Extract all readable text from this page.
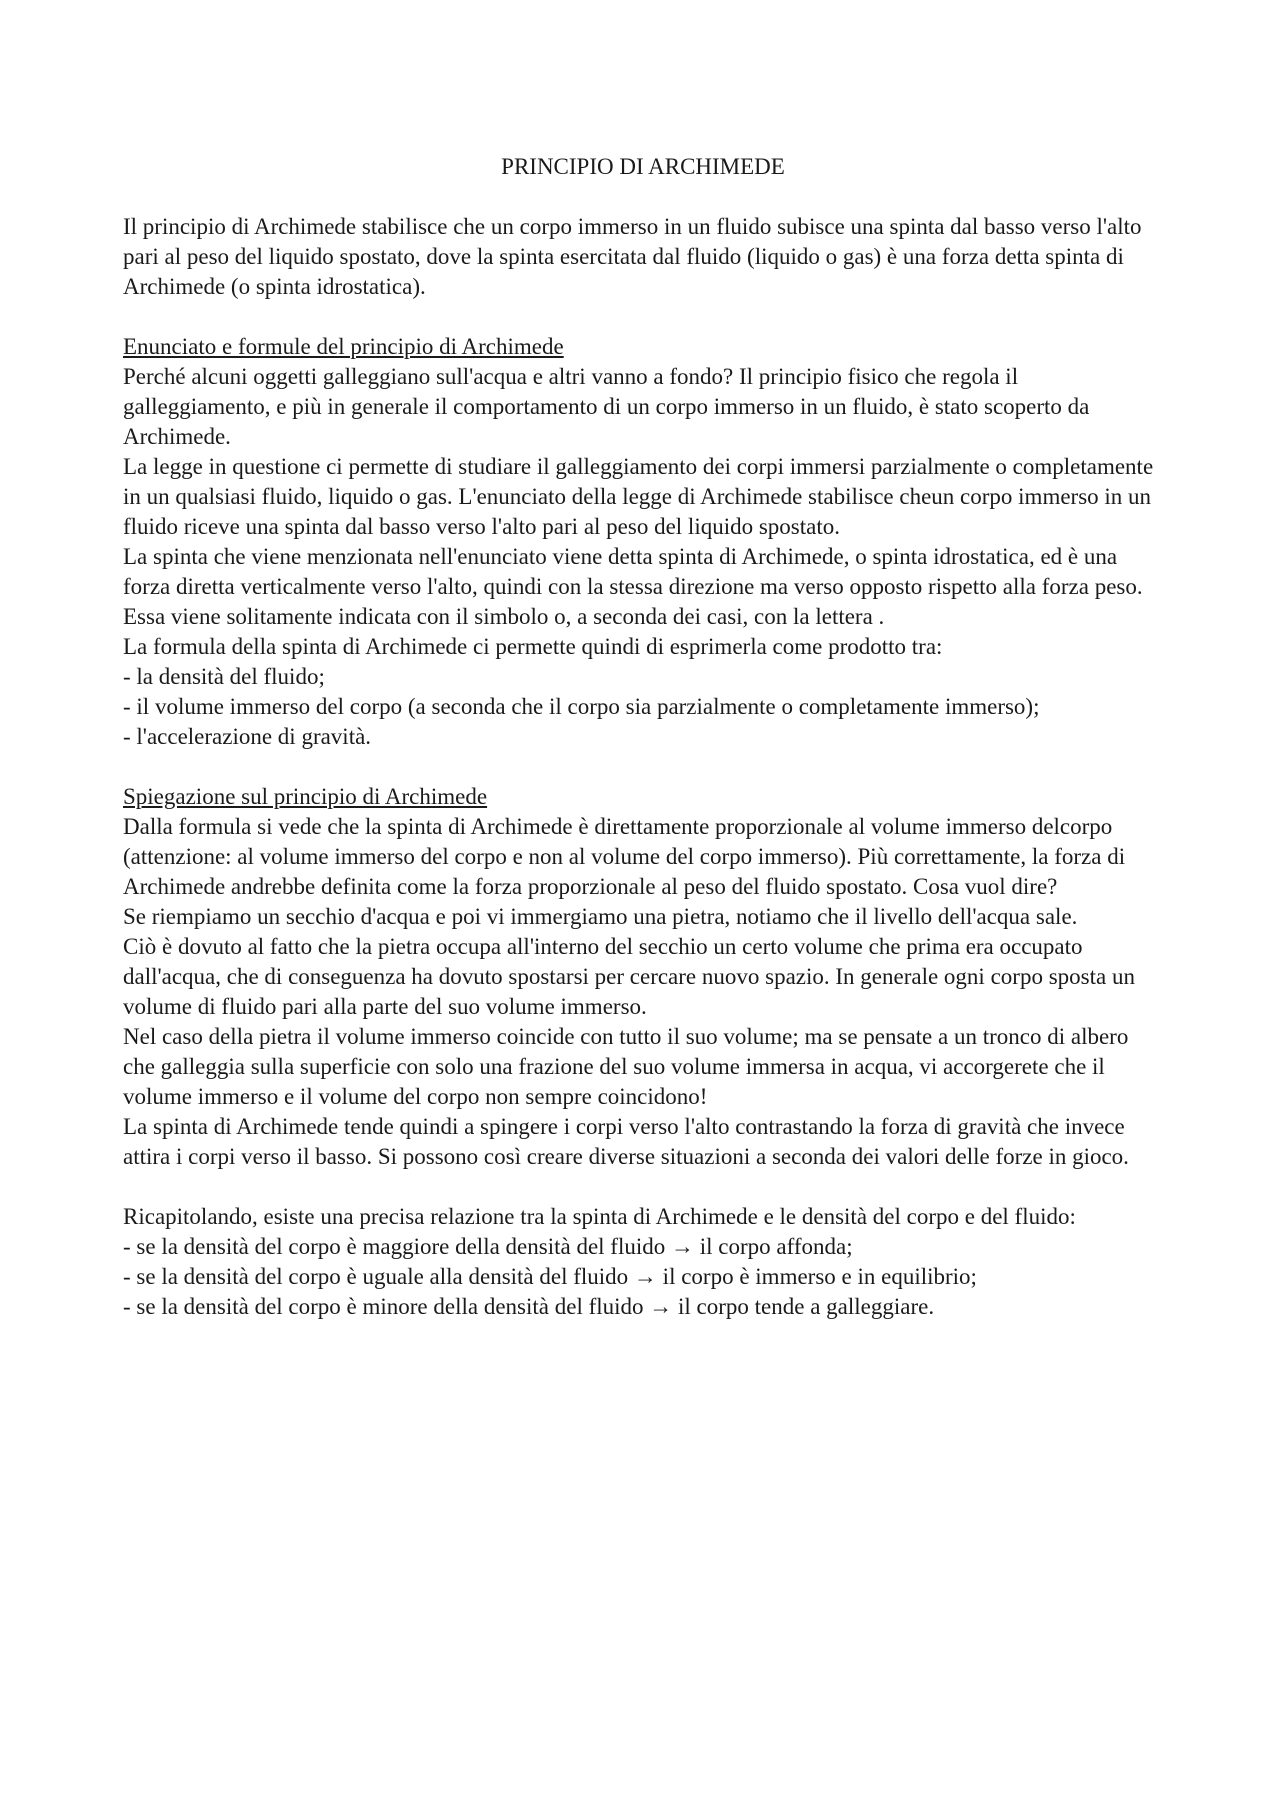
PRINCIPIO DI ARCHIMEDE

Il principio di Archimede stabilisce che un corpo immerso in un fluido subisce una spinta dal basso verso l'alto pari al peso del liquido spostato, dove la spinta esercitata dal fluido (liquido o gas) è una forza detta spinta di Archimede (o spinta idrostatica).

Enunciato e formule del principio di Archimede

Perché alcuni oggetti galleggiano sull'acqua e altri vanno a fondo? Il principio fisico che regola il galleggiamento, e più in generale il comportamento di un corpo immerso in un fluido, è stato scoperto da Archimede.

La legge in questione ci permette di studiare il galleggiamento dei corpi immersi parzialmente o completamente in un qualsiasi fluido, liquido o gas. L'enunciato della legge di Archimede stabilisce cheun corpo immerso in un fluido riceve una spinta dal basso verso l'alto pari al peso del liquido spostato.

La spinta che viene menzionata nell'enunciato viene detta spinta di Archimede, o spinta idrostatica, ed è una forza diretta verticalmente verso l'alto, quindi con la stessa direzione ma verso opposto rispetto alla forza peso. Essa viene solitamente indicata con il simbolo o, a seconda dei casi, con la lettera .

La formula della spinta di Archimede ci permette quindi di esprimerla come prodotto tra:

- la densità del fluido;

- il volume immerso del corpo (a seconda che il corpo sia parzialmente o completamente immerso);

- l'accelerazione di gravità.

Spiegazione sul principio di Archimede

Dalla formula si vede che la spinta di Archimede è direttamente proporzionale al volume immerso delcorpo (attenzione: al volume immerso del corpo e non al volume del corpo immerso). Più correttamente, la forza di Archimede andrebbe definita come la forza proporzionale al peso del fluido spostato. Cosa vuol dire?

Se riempiamo un secchio d'acqua e poi vi immergiamo una pietra, notiamo che il livello dell'acqua sale.

Ciò è dovuto al fatto che la pietra occupa all'interno del secchio un certo volume che prima era occupato dall'acqua, che di conseguenza ha dovuto spostarsi per cercare nuovo spazio. In generale ogni corpo sposta un volume di fluido pari alla parte del suo volume immerso.

Nel caso della pietra il volume immerso coincide con tutto il suo volume; ma se pensate a un tronco di albero che galleggia sulla superficie con solo una frazione del suo volume immersa in acqua, vi accorgerete che il volume immerso e il volume del corpo non sempre coincidono!

La spinta di Archimede tende quindi a spingere i corpi verso l'alto contrastando la forza di gravità che invece attira i corpi verso il basso. Si possono così creare diverse situazioni a seconda dei valori delle forze in gioco.

Ricapitolando, esiste una precisa relazione tra la spinta di Archimede e le densità del corpo e del fluido:

- se la densità del corpo è maggiore della densità del fluido → il corpo affonda;

- se la densità del corpo è uguale alla densità del fluido → il corpo è immerso e in equilibrio;

- se la densità del corpo è minore della densità del fluido → il corpo tende a galleggiare.
